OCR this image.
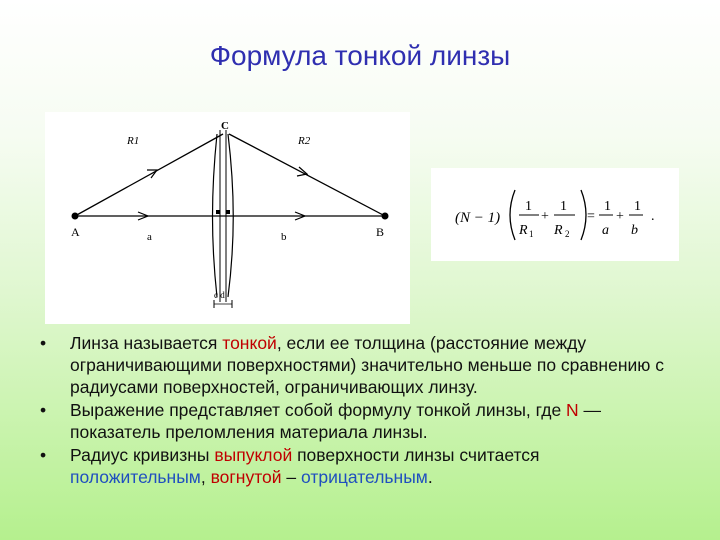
Формула тонкой линзы
R1	R2
C
A	B
a	b
c d
(N − 1)
1
R 1
+
1
R 2
=
1
a
+
1
b
.
• Линза называется тонкой, если ее толщина (расстояние между ограничивающими поверхностями) значительно меньше по сравнению с радиусами поверхностей, ограничивающих линзу.
• Выражение представляет собой формулу тонкой линзы, где N — показатель преломления материала линзы.
• Радиус кривизны выпуклой поверхности линзы считается положительным, вогнутой – отрицательным.
